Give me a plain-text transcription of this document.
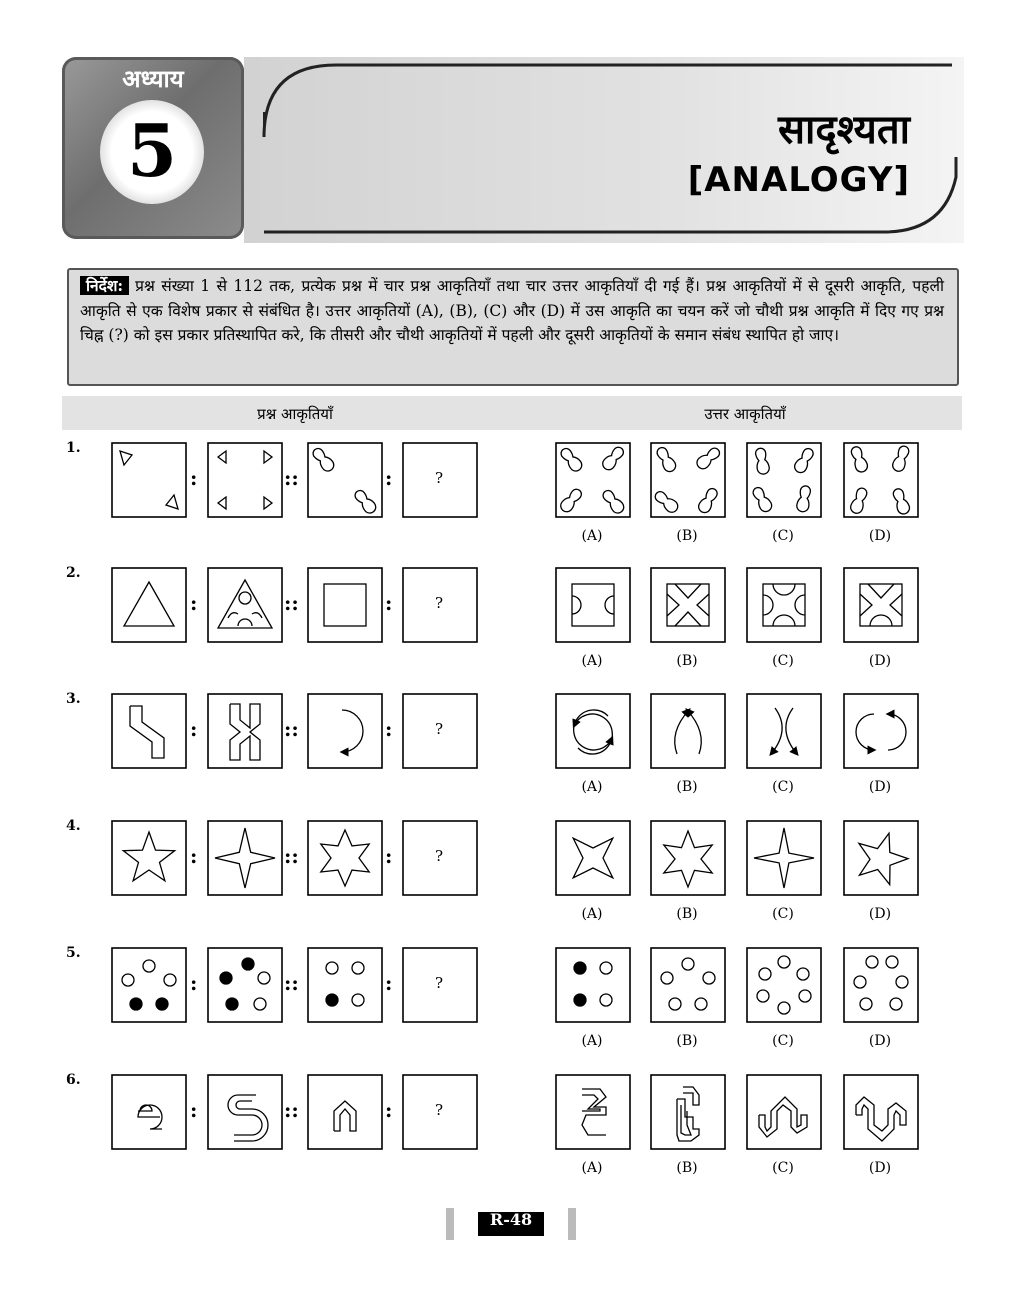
अध्याय
5	सादृश्यता
[ANALOGY]
निर्देश: प्रश्न संख्या 1 से 112 तक, प्रत्येक प्रश्न में चार प्रश्न आकृतियाँ तथा चार उत्तर आकृतियाँ दी गई हैं। प्रश्न आकृतियों में से दूसरी आकृति, पहली आकृति से एक विशेष प्रकार से संबंधित है। उत्तर आकृतियों (A), (B), (C) और (D) में उस आकृति का चयन करें जो चौथी प्रश्न आकृति में दिए गए प्रश्न चिह्न (?) को इस प्रकार प्रतिस्थापित करे, कि तीसरी और चौथी आकृतियों में पहली और दूसरी आकृतियों के समान संबंध स्थापित हो जाए।
प्रश्न आकृतियाँ	उत्तर आकृतियाँ
1.
?
:	::	:
(A)	(B)	(C)	(D)
2.
?
:	::	:
(A)	(B)	(C)	(D)
3.
?
:	::	:
(A)	(B)	(C)	(D)
4.
?
:	::	:
(A)	(B)	(C)	(D)
5.
?
:	::	:
(A)	(B)	(C)	(D)
6.
?
:	::	:
(A)	(B)	(C)	(D)
R-48
